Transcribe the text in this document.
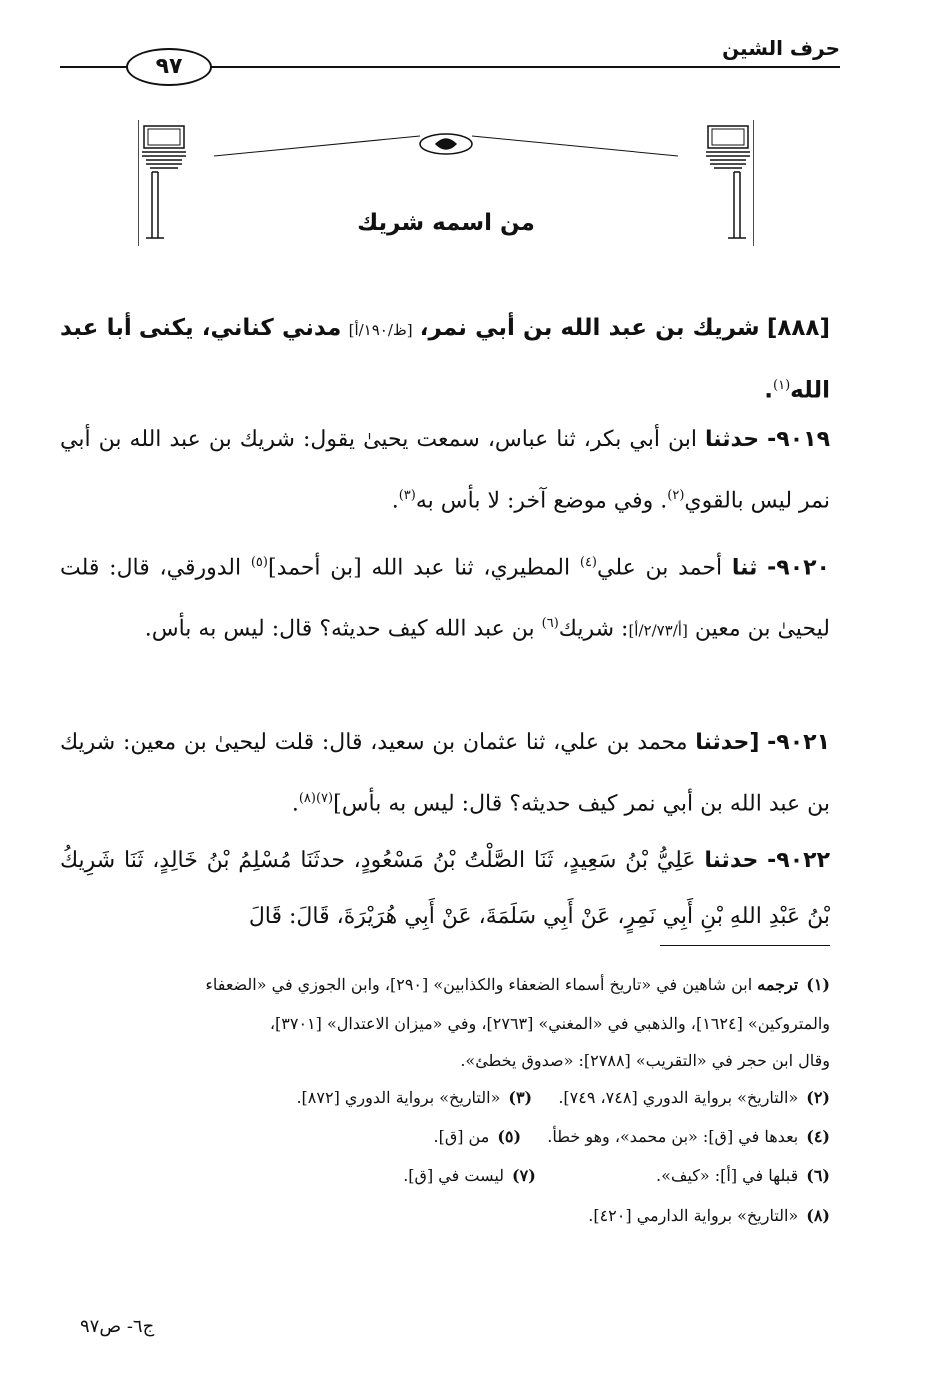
حرف الشين
٩٧
من اسمه شريك
[٨٨٨] شريك بن عبد الله بن أبي نمر، [ظ/١٩٠/أ] مدني كناني، يكنى أبا عبد الله$^{(١)}$.
٩٠١٩- حدثنا ابن أبي بكر، ثنا عباس، سمعت يحيىٰ يقول: شريك بن عبد الله بن أبي نمر ليس بالقوي$^{(٢)}$. وفي موضع آخر: لا بأس به$^{(٣)}$.
٩٠٢٠- ثنا أحمد بن علي$^{(٤)}$ المطيري، ثنا عبد الله [بن أحمد]$^{(٥)}$ الدورقي، قال: قلت ليحيىٰ بن معين [أ/٢/٧٣/أ]: شريك$^{(٦)}$ بن عبد الله كيف حديثه؟ قال: ليس به بأس.
٩٠٢١- [حدثنا محمد بن علي، ثنا عثمان بن سعيد، قال: قلت ليحيىٰ بن معين: شريك بن عبد الله بن أبي نمر كيف حديثه؟ قال: ليس به بأس]$^{(٧)(٨)}$.
٩٠٢٢- حدثنا عَلِيُّ بْنُ سَعِيدٍ، ثَنَا الصَّلْتُ بْنُ مَسْعُودٍ، حدثَنَا مُسْلِمُ بْنُ خَالِدٍ، ثَنَا شَرِيكُ بْنُ عَبْدِ اللهِ بْنِ أَبِي نَمِرٍ، عَنْ أَبِي سَلَمَةَ، عَنْ أَبِي هُرَيْرَةَ، قَالَ: قَالَ
(١)ترجمه ابن شاهين في «تاريخ أسماء الضعفاء والكذابين» [٢٩٠]، وابن الجوزي في «الضعفاء
والمتروكين» [١٦٢٤]، والذهبي في «المغني» [٢٧٦٣]، وفي «ميزان الاعتدال» [٣٧٠١]،
وقال ابن حجر في «التقريب» [٢٧٨٨]: «صدوق يخطئ».
(٢)«التاريخ» برواية الدوري [٧٤٨، ٧٤٩].  (٣)«التاريخ» برواية الدوري [٨٧٢].
(٤)بعدها في [ق]: «بن محمد»، وهو خطأ.  (٥)من [ق].
(٦)قبلها في [أ]: «كيف».  (٧)ليست في [ق].
(٨)«التاريخ» برواية الدارمي [٤٢٠].
ج٦- ص٩٧
